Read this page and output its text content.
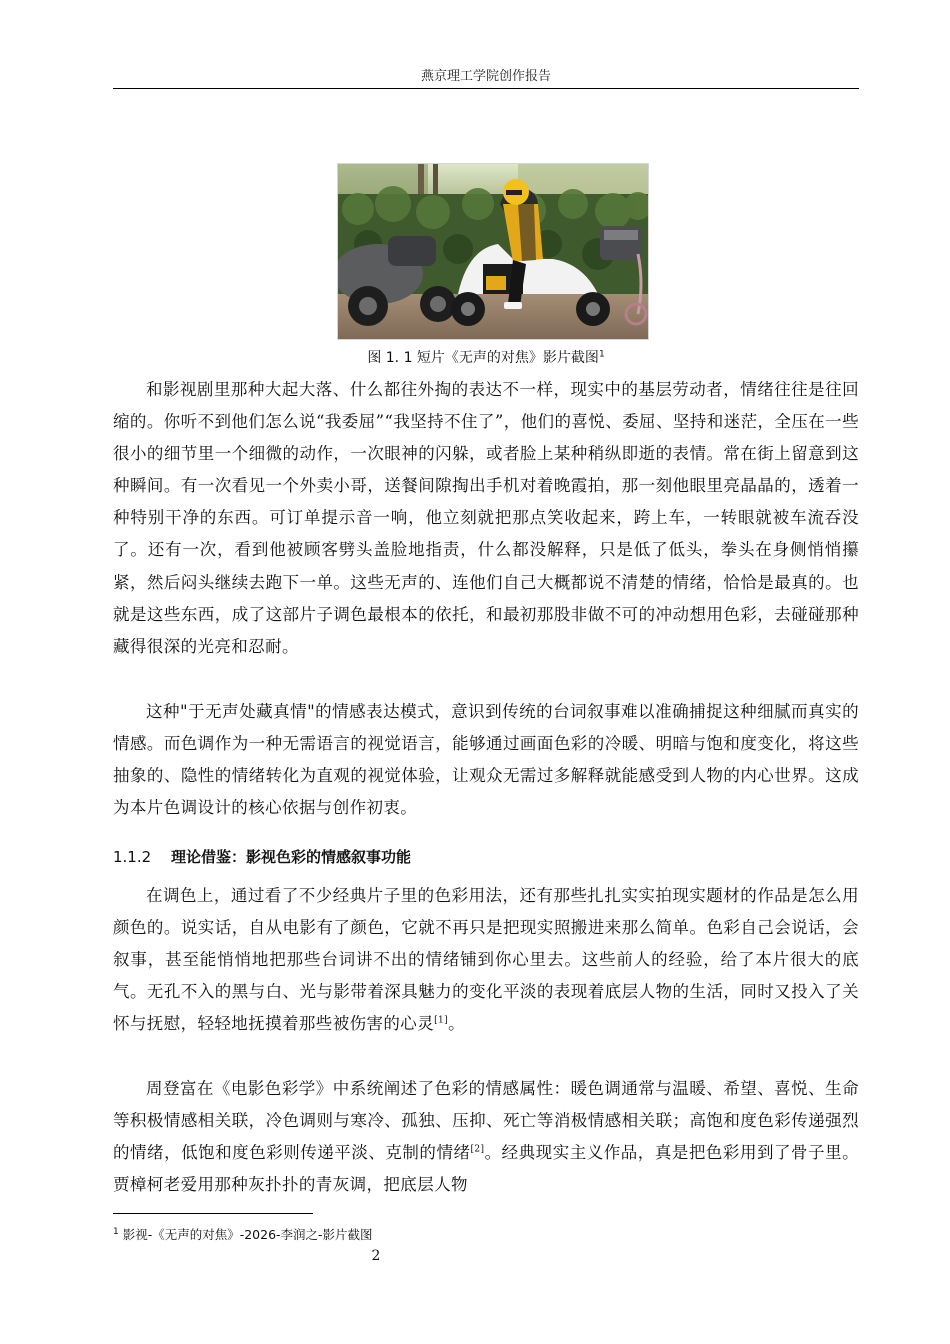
燕京理工学院创作报告
图 1. 1 短片《无声的对焦》影片截图$^1$

和影视剧里那种大起大落、什么都往外掏的表达不一样，现实中的基层劳动者，情绪往往是往回缩的。你听不到他们怎么说“我委屈”“我坚持不住了”，他们的喜悦、委屈、坚持和迷茫，全压在一些很小的细节里一个细微的动作，一次眼神的闪躲，或者脸上某种稍纵即逝的表情。常在街上留意到这种瞬间。有一次看见一个外卖小哥，送餐间隙掏出手机对着晚霞拍，那一刻他眼里亮晶晶的，透着一种特别干净的东西。可订单提示音一响，他立刻就把那点笑收起来，跨上车，一转眼就被车流吞没了。还有一次，看到他被顾客劈头盖脸地指责，什么都没解释，只是低了低头，拳头在身侧悄悄攥紧，然后闷头继续去跑下一单。这些无声的、连他们自己大概都说不清楚的情绪，恰恰是最真的。也就是这些东西，成了这部片子调色最根本的依托，和最初那股非做不可的冲动想用色彩，去碰碰那种藏得很深的光亮和忍耐。

这种"于无声处藏真情"的情感表达模式，意识到传统的台词叙事难以准确捕捉这种细腻而真实的情感。而色调作为一种无需语言的视觉语言，能够通过画面色彩的冷暖、明暗与饱和度变化，将这些抽象的、隐性的情绪转化为直观的视觉体验，让观众无需过多解释就能感受到人物的内心世界。这成为本片色调设计的核心依据与创作初衷。

1.1.2 理论借鉴：影视色彩的情感叙事功能

在调色上，通过看了不少经典片子里的色彩用法，还有那些扎扎实实拍现实题材的作品是怎么用颜色的。说实话，自从电影有了颜色，它就不再只是把现实照搬进来那么简单。色彩自己会说话，会叙事，甚至能悄悄地把那些台词讲不出的情绪铺到你心里去。这些前人的经验，给了本片很大的底气。无孔不入的黑与白、光与影带着深具魅力的变化平淡的表现着底层人物的生活，同时又投入了关怀与抚慰，轻轻地抚摸着那些被伤害的心灵[1]。

周登富在《电影色彩学》中系统阐述了色彩的情感属性：暖色调通常与温暖、希望、喜悦、生命等积极情感相关联，冷色调则与寒冷、孤独、压抑、死亡等消极情感相关联；高饱和度色彩传递强烈的情绪，低饱和度色彩则传递平淡、克制的情绪[2]。经典现实主义作品，真是把色彩用到了骨子里。贾樟柯老爱用那种灰扑扑的青灰调，把底层人物

$^1$ 影视-《无声的对焦》-2026-李润之-影片截图
2
